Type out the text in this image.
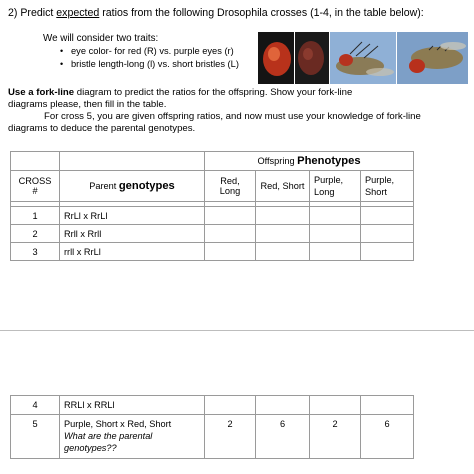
2) Predict expected ratios from the following Drosophila crosses (1-4, in the table below):
We will consider two traits:
• eye color- for red (R) vs. purple eyes (r)
• bristle length-long (l) vs. short bristles (L)
Use a fork-line diagram to predict the ratios for the offspring. Show your fork-line
diagrams please, then fill in the table.
For cross 5, you are given offspring ratios, and now must use your knowledge of fork-line
diagrams to deduce the parental genotypes.
		Offspring Phenotypes			
CROSS #	Parent genotypes	Red, Long	Red, Short	Purple,
Long	Purple,
Short

1	RrLl x RrLl				
2	Rrll x Rrll				
3	rrll x RrLl				
4	RRLl x RRLl				
5	Purple, Short x Red, Short
What are the parental genotypes??	2	6	2	6
